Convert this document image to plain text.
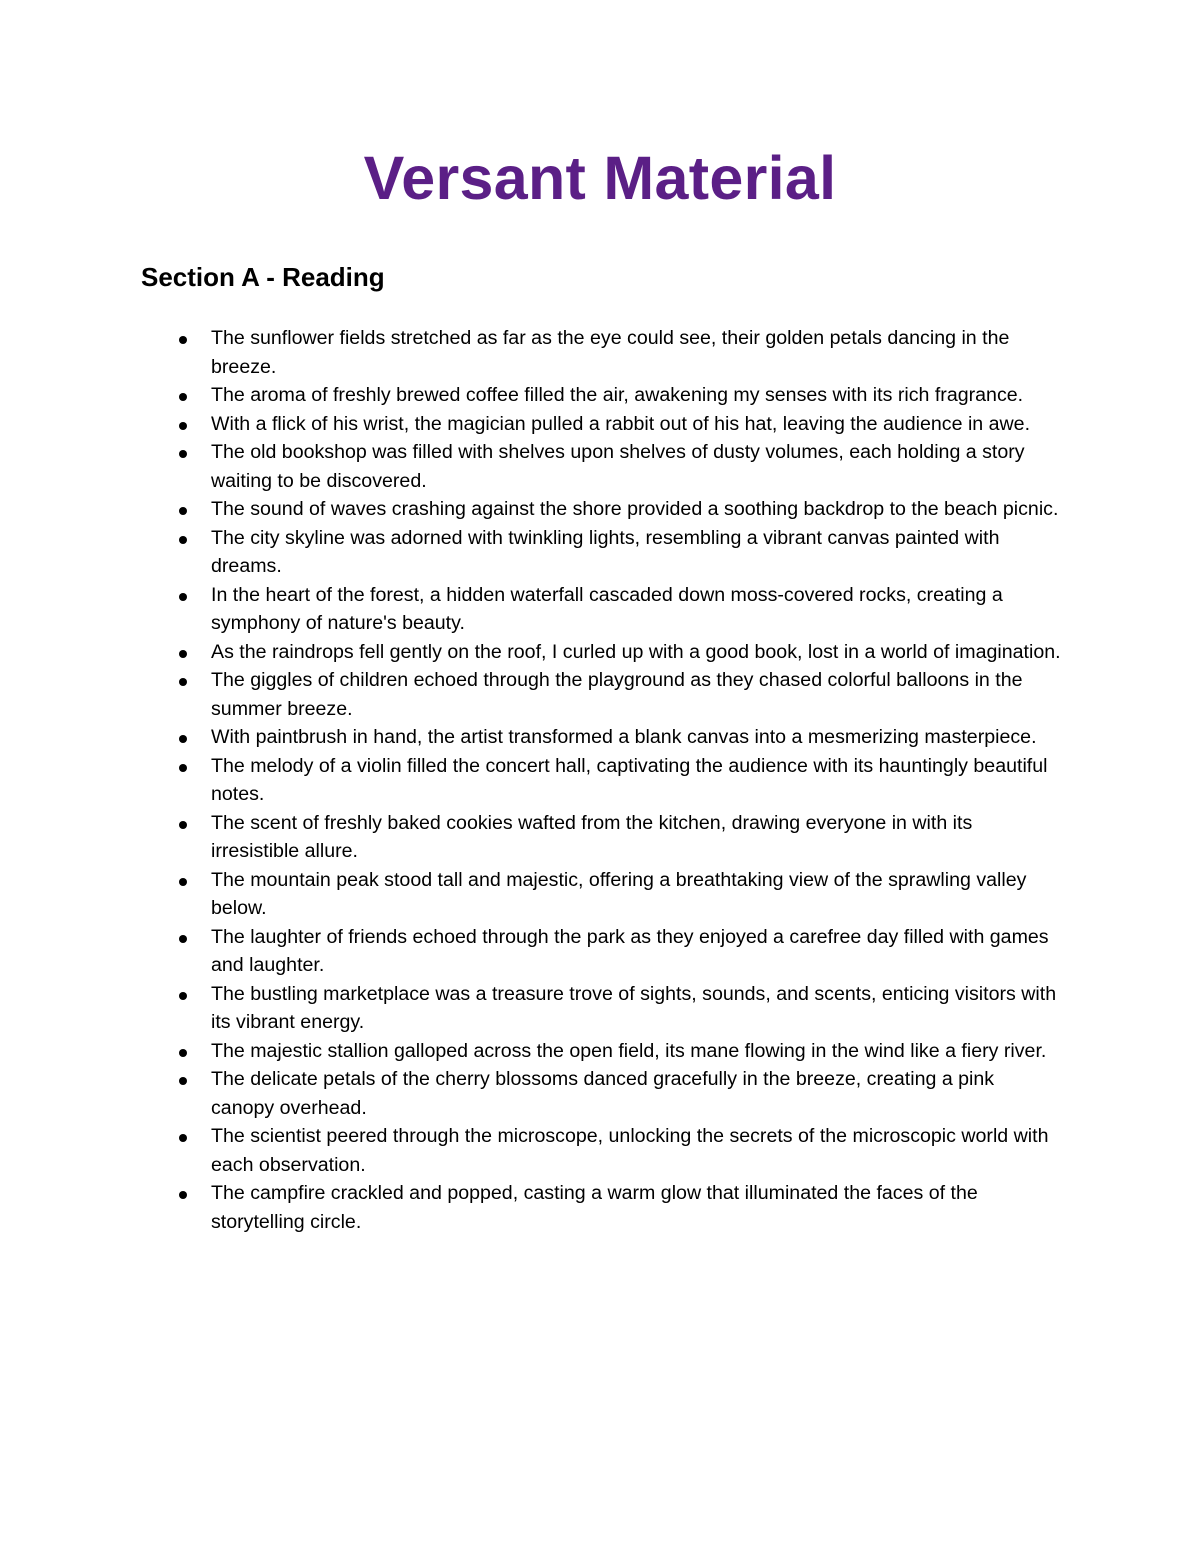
Versant Material
Section A - Reading
The sunflower fields stretched as far as the eye could see, their golden petals dancing in the breeze.
The aroma of freshly brewed coffee filled the air, awakening my senses with its rich fragrance.
With a flick of his wrist, the magician pulled a rabbit out of his hat, leaving the audience in awe.
The old bookshop was filled with shelves upon shelves of dusty volumes, each holding a story waiting to be discovered.
The sound of waves crashing against the shore provided a soothing backdrop to the beach picnic.
The city skyline was adorned with twinkling lights, resembling a vibrant canvas painted with dreams.
In the heart of the forest, a hidden waterfall cascaded down moss-covered rocks, creating a symphony of nature's beauty.
As the raindrops fell gently on the roof, I curled up with a good book, lost in a world of imagination.
The giggles of children echoed through the playground as they chased colorful balloons in the summer breeze.
With paintbrush in hand, the artist transformed a blank canvas into a mesmerizing masterpiece.
The melody of a violin filled the concert hall, captivating the audience with its hauntingly beautiful notes.
The scent of freshly baked cookies wafted from the kitchen, drawing everyone in with its irresistible allure.
The mountain peak stood tall and majestic, offering a breathtaking view of the sprawling valley below.
The laughter of friends echoed through the park as they enjoyed a carefree day filled with games and laughter.
The bustling marketplace was a treasure trove of sights, sounds, and scents, enticing visitors with its vibrant energy.
The majestic stallion galloped across the open field, its mane flowing in the wind like a fiery river.
The delicate petals of the cherry blossoms danced gracefully in the breeze, creating a pink canopy overhead.
The scientist peered through the microscope, unlocking the secrets of the microscopic world with each observation.
The campfire crackled and popped, casting a warm glow that illuminated the faces of the storytelling circle.
